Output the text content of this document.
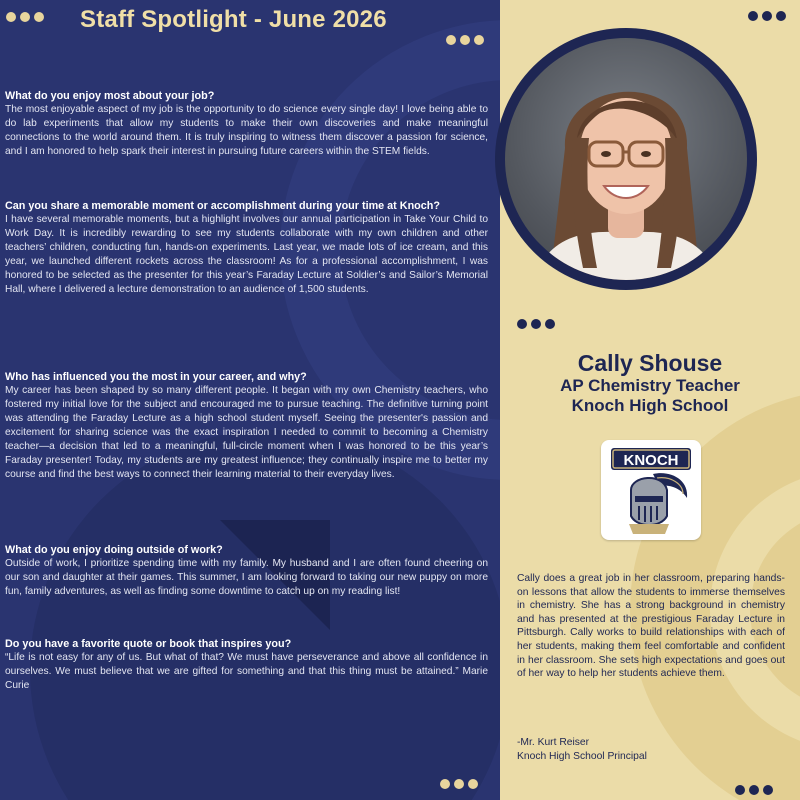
Staff Spotlight - June 2026
What do you enjoy most about your job?

The most enjoyable aspect of my job is the opportunity to do science every single day! I love being able to do lab experiments that allow my students to make their own discoveries and make meaningful connections to the world around them. It is truly inspiring to witness them discover a passion for science, and I am honored to help spark their interest in pursuing future careers within the STEM fields.

Can you share a memorable moment or accomplishment during your time at Knoch?

I have several memorable moments, but a highlight involves our annual participation in Take Your Child to Work Day. It is incredibly rewarding to see my students collaborate with my own children and other teachers’ children, conducting fun, hands-on experiments. Last year, we made lots of ice cream, and this year, we launched different rockets across the classroom! As for a professional accomplishment, I was honored to be selected as the presenter for this year’s Faraday Lecture at Soldier’s and Sailor’s Memorial Hall, where I delivered a lecture demonstration to an audience of 1,500 students.

Who has influenced you the most in your career, and why?

My career has been shaped by so many different people. It began with my own Chemistry teachers, who fostered my initial love for the subject and encouraged me to pursue teaching. The definitive turning point was attending the Faraday Lecture as a high school student myself. Seeing the presenter's passion and excitement for sharing science was the exact inspiration I needed to commit to becoming a Chemistry teacher—a decision that led to a meaningful, full-circle moment when I was honored to be this year’s Faraday presenter! Today, my students are my greatest influence; they continually inspire me to better my course and find the best ways to connect their learning material to their everyday lives.

What do you enjoy doing outside of work?

Outside of work, I prioritize spending time with my family. My husband and I are often found cheering on our son and daughter at their games. This summer, I am looking forward to taking our new puppy on more fun, family adventures, as well as finding some downtime to catch up on my reading list!

Do you have a favorite quote or book that inspires you?

“Life is not easy for any of us. But what of that? We must have perseverance and above all confidence in ourselves. We must believe that we are gifted for something and that this thing must be attained.” Marie Curie

Cally Shouse
AP Chemistry Teacher
Knoch High School
KNOCH
Cally does a great job in her classroom, preparing hands-on lessons that allow the students to immerse themselves in chemistry. She has a strong background in chemistry and has presented at the prestigious Faraday Lecture in Pittsburgh. Cally works to build relationships with each of her students, making them feel comfortable and confident in her classroom. She sets high expectations and goes out of her way to help her students achieve them.
-Mr. Kurt Reiser
Knoch High School Principal
